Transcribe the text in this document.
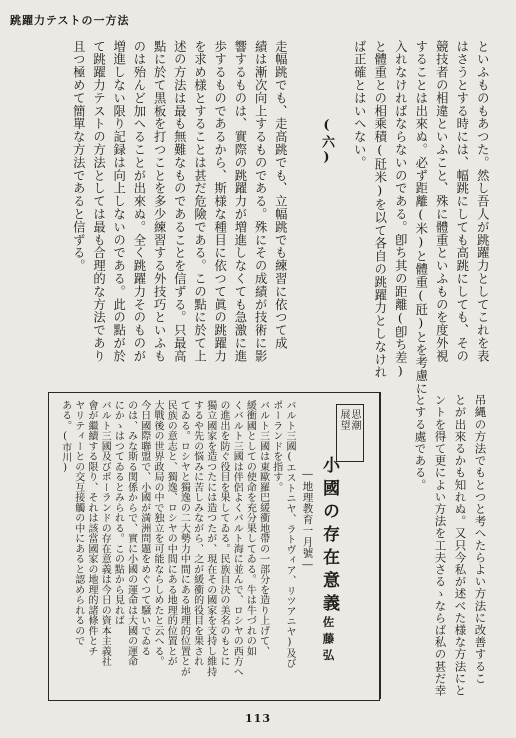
跳躍力テストの一方法
といふものもあつた。然し吾人が跳躍力としてこれを表
はさうとする時には、幅跳にしても高跳にしても、その
競技者の相違といふこと、殊に體重といふものを度外視
することは出來ぬ。必ず距離(米)と體重(瓩)とを考慮に
入れなければならないのである。卽ち其の距離(卽ち差)
と體重との相乘積(瓩米)を以て各自の跳躍力としなけれ
ば正確とはいへない。
(六)
走幅跳でも、走高跳でも、立幅跳でも練習に依つて成
績は漸次向上するものである。殊にその成績が技術に影
響するものは、實際の跳躍力が増進しなくても急激に進
歩するものであるから、斯様な種目に依つて眞の跳躍力
を求め様とすることは甚だ危險である。この點に於て上
述の方法は最も無難なものであることを信ずる。只最高
點に於て黒板を打つことを多少練習する外技巧といふも
のは殆んど加へることが出來ぬ。全く跳躍力そのものが
増進しない限り記録は向上しないのである。此の點が於
て跳躍力テストの方法としては最も合理的な方法であり
且つ極めて簡單な方法であると信ずる。
吊縄の方法でもとつと考へたらよい方法に改善するこ
とが出來るかも知れぬ。又只今私が述べた様な方法にと
ントを得て更によい方法を工夫さるゝならば私の甚だ幸
とする處である。
思潮
展望
小國の存在意義
―地理教育一月號―
佐藤弘
バルト三國(エストニヤ、ラトヴィア、リツアニヤ)及び
ポーランドを指す。
バルト三國は東歐羅巴緩衝地帶の一部分を造り上げて、
緩衝國としての使命を充分果してゐる。牛は牛づれの如
くバルト三國は伴侶よくバルト海に並んで、ロシヤの西方へ
の進出を防ぐ役目を果してゐる。民族自決の美名のもとに
獨立國家を造つたには造つたが、現在その國家を支持し維持
するや先の悩みに苦しみながら、之が緩衝的役目を果され
てゐる。ロシヤと獨逸の二大勢力中間にある地理的位置とが
民族の意志と、獨逸、ロシヤの中間にある地理的位置とが
大戰後の世界政局の中で独立を可能ならしめたと云へる。
今日國際聯盟で、小國が満洲問題をめぐつて騒いでゐる
のは、みな斯る関係からで、實に小國の運命は大國の運命
にかゝはつてゐるとみられる。この點から見れば
バルト三國及びポーランドの存在意義は今日の資本主義社
會が繼續する限り、それは該當國家の地理的諸條件とチ
ヤリティーとの交互接觸の中にあると認められるので
ある。(市川)
113
